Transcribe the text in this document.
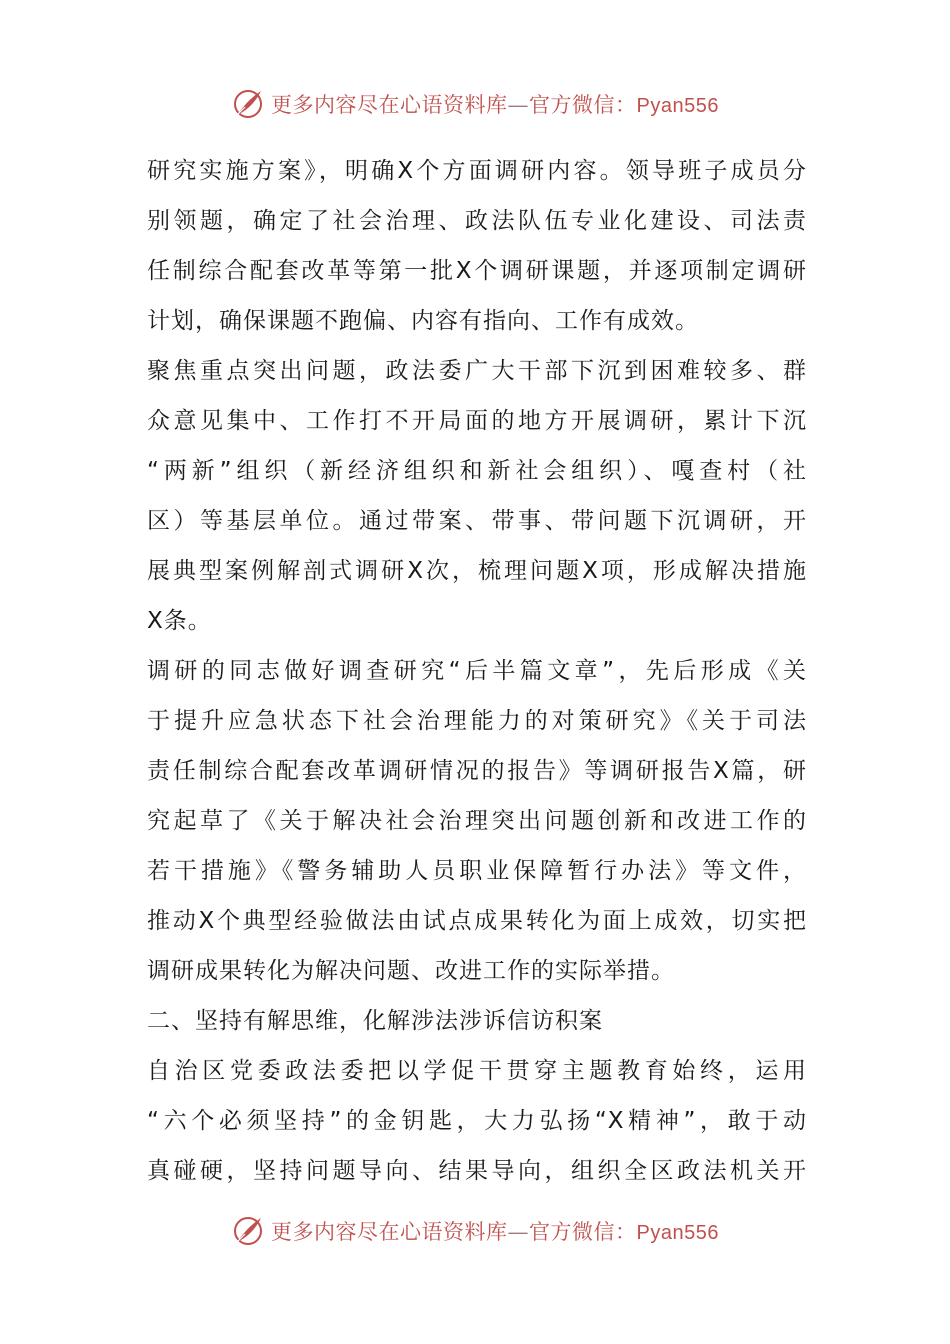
更多内容尽在心语资料库—官方微信：Pyan556
研究实施方案》，明确X个方面调研内容。领导班子成员分
别领题，确定了社会治理、政法队伍专业化建设、司法责
任制综合配套改革等第一批X个调研课题，并逐项制定调研
计划，确保课题不跑偏、内容有指向、工作有成效。
聚焦重点突出问题，政法委广大干部下沉到困难较多、群
众意见集中、工作打不开局面的地方开展调研，累计下沉
“两新”组织（新经济组织和新社会组织）、嘎查村（社
区）等基层单位。通过带案、带事、带问题下沉调研，开
展典型案例解剖式调研X次，梳理问题X项，形成解决措施
X条。
调研的同志做好调查研究“后半篇文章”，先后形成《关
于提升应急状态下社会治理能力的对策研究》《关于司法
责任制综合配套改革调研情况的报告》等调研报告X篇，研
究起草了《关于解决社会治理突出问题创新和改进工作的
若干措施》《警务辅助人员职业保障暂行办法》等文件，
推动X个典型经验做法由试点成果转化为面上成效，切实把
调研成果转化为解决问题、改进工作的实际举措。
二、坚持有解思维，化解涉法涉诉信访积案
自治区党委政法委把以学促干贯穿主题教育始终，运用
“六个必须坚持”的金钥匙，大力弘扬“X精神”，敢于动
真碰硬，坚持问题导向、结果导向，组织全区政法机关开
更多内容尽在心语资料库—官方微信：Pyan556
